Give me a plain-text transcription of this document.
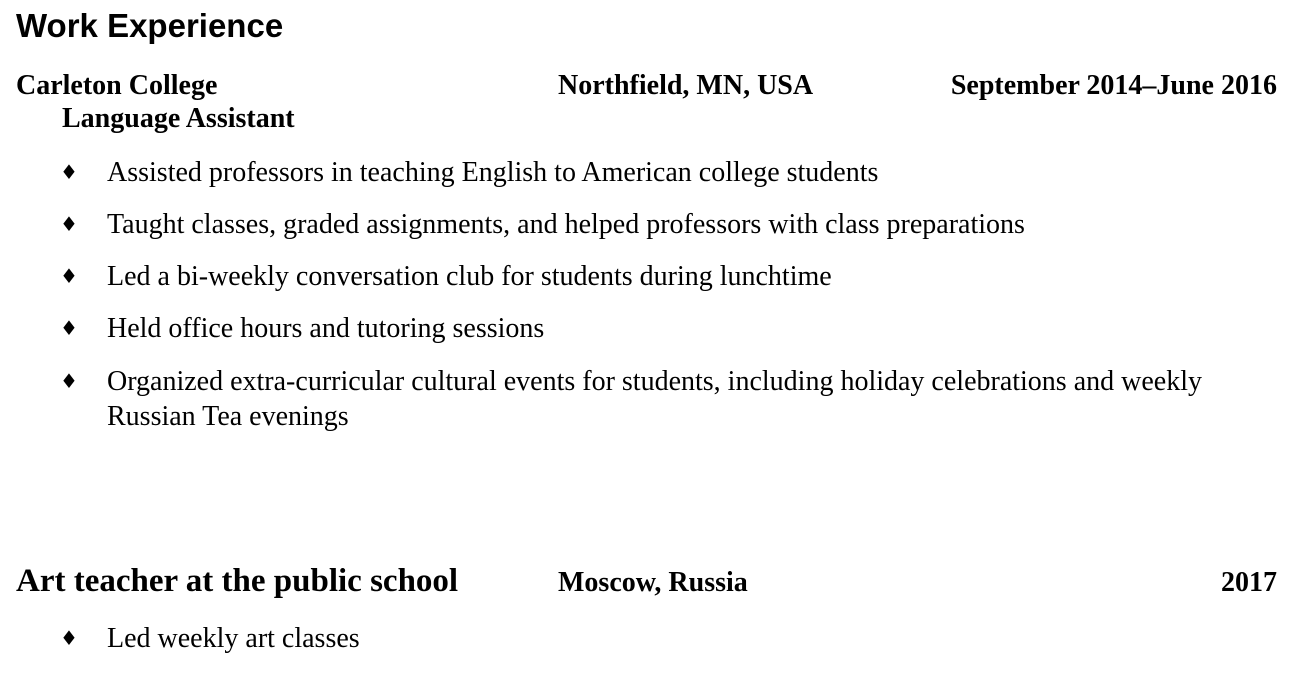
Work Experience
Carleton College	Northfield, MN, USA	September 2014–June 2016
Language Assistant
♦ Assisted professors in teaching English to American college students
♦ Taught classes, graded assignments, and helped professors with class preparations
♦ Led a bi-weekly conversation club for students during lunchtime
♦ Held office hours and tutoring sessions
♦ Organized extra-curricular cultural events for students, including holiday celebrations and weekly Russian Tea evenings
Art teacher at the public school	Moscow, Russia	2017
♦ Led weekly art classes
